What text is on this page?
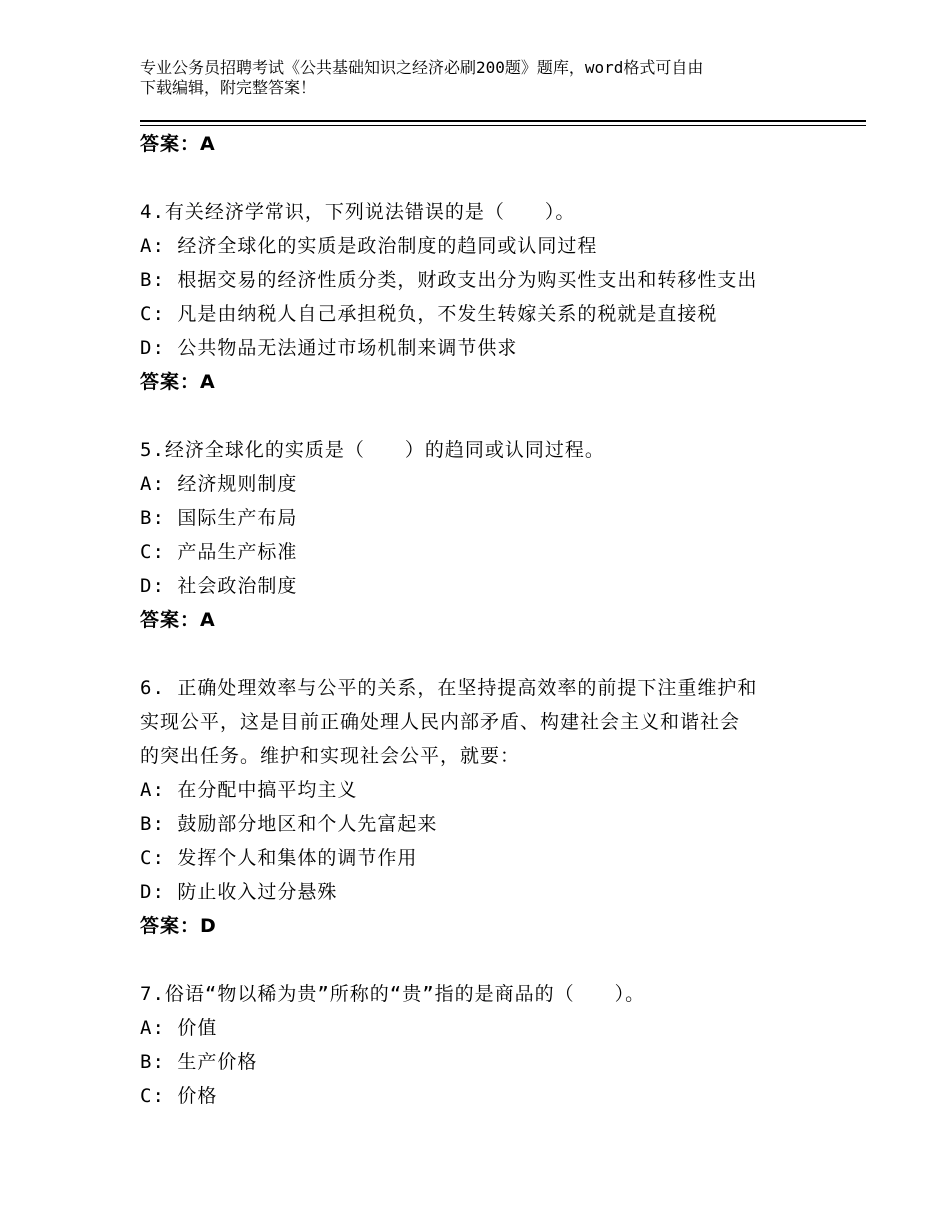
专业公务员招聘考试《公共基础知识之经济必刷200题》题库，word格式可自由
下载编辑，附完整答案！
答案：A
4.有关经济学常识，下列说法错误的是（　　）。
A: 经济全球化的实质是政治制度的趋同或认同过程
B: 根据交易的经济性质分类，财政支出分为购买性支出和转移性支出
C: 凡是由纳税人自己承担税负，不发生转嫁关系的税就是直接税
D: 公共物品无法通过市场机制来调节供求
答案：A
5.经济全球化的实质是（　　）的趋同或认同过程。
A: 经济规则制度
B: 国际生产布局
C: 产品生产标准
D: 社会政治制度
答案：A
6. 正确处理效率与公平的关系，在坚持提高效率的前提下注重维护和
实现公平，这是目前正确处理人民内部矛盾、构建社会主义和谐社会
的突出任务。维护和实现社会公平，就要：
A: 在分配中搞平均主义
B: 鼓励部分地区和个人先富起来
C: 发挥个人和集体的调节作用
D: 防止收入过分悬殊
答案：D
7.俗语“物以稀为贵”所称的“贵”指的是商品的（　　）。
A: 价值
B: 生产价格
C: 价格
